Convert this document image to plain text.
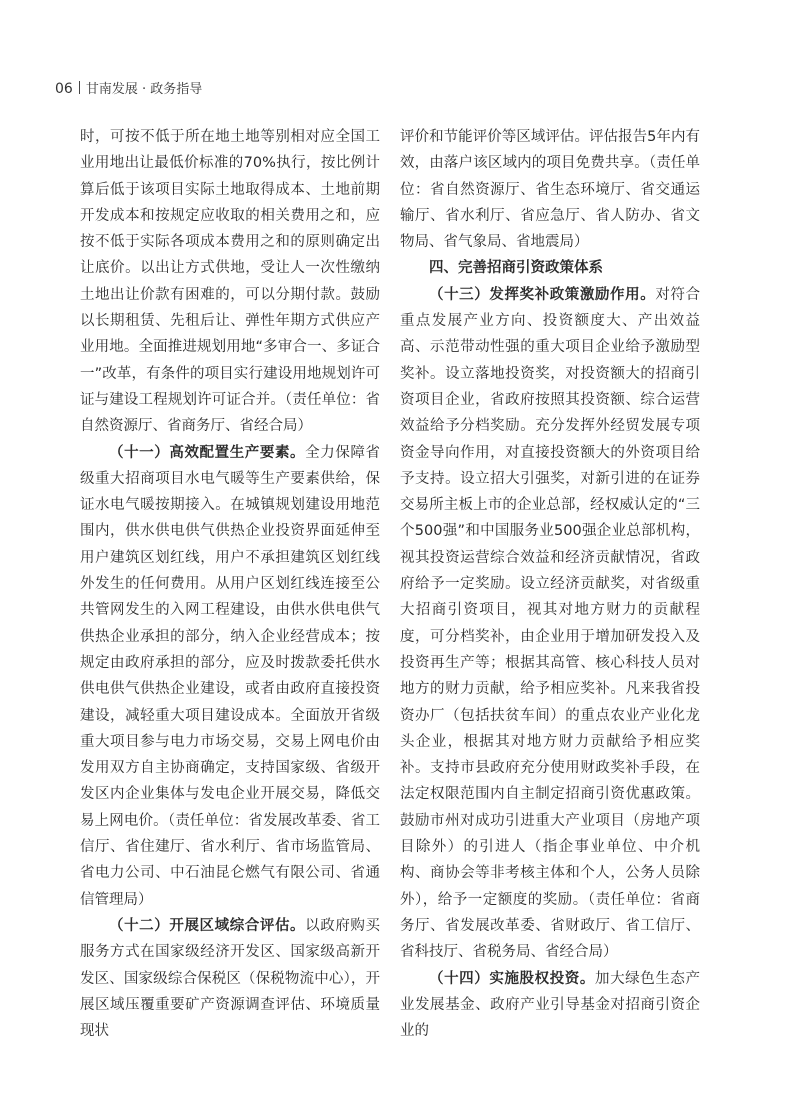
06 甘南发展 · 政务指导

时，可按不低于所在地土地等别相对应全国工业用地出让最低价标准的70%执行，按比例计算后低于该项目实际土地取得成本、土地前期开发成本和按规定应收取的相关费用之和，应按不低于实际各项成本费用之和的原则确定出让底价。以出让方式供地，受让人一次性缴纳土地出让价款有困难的，可以分期付款。鼓励以长期租赁、先租后让、弹性年期方式供应产业用地。全面推进规划用地“多审合一、多证合一”改革，有条件的项目实行建设用地规划许可证与建设工程规划许可证合并。（责任单位：省自然资源厅、省商务厅、省经合局）

（十一）高效配置生产要素。全力保障省级重大招商项目水电气暖等生产要素供给，保证水电气暖按期接入。在城镇规划建设用地范围内，供水供电供气供热企业投资界面延伸至用户建筑区划红线，用户不承担建筑区划红线外发生的任何费用。从用户区划红线连接至公共管网发生的入网工程建设，由供水供电供气供热企业承担的部分，纳入企业经营成本；按规定由政府承担的部分，应及时拨款委托供水供电供气供热企业建设，或者由政府直接投资建设，减轻重大项目建设成本。全面放开省级重大项目参与电力市场交易，交易上网电价由发用双方自主协商确定，支持国家级、省级开发区内企业集体与发电企业开展交易，降低交易上网电价。（责任单位：省发展改革委、省工信厅、省住建厅、省水利厅、省市场监管局、省电力公司、中石油昆仑燃气有限公司、省通信管理局）

（十二）开展区域综合评估。以政府购买服务方式在国家级经济开发区、国家级高新开发区、国家级综合保税区（保税物流中心），开展区域压覆重要矿产资源调查评估、环境质量现状

评价和节能评价等区域评估。评估报告5年内有效，由落户该区域内的项目免费共享。（责任单位：省自然资源厅、省生态环境厅、省交通运输厅、省水利厅、省应急厅、省人防办、省文物局、省气象局、省地震局）

四、完善招商引资政策体系

（十三）发挥奖补政策激励作用。对符合重点发展产业方向、投资额度大、产出效益高、示范带动性强的重大项目企业给予激励型奖补。设立落地投资奖，对投资额大的招商引资项目企业，省政府按照其投资额、综合运营效益给予分档奖励。充分发挥外经贸发展专项资金导向作用，对直接投资额大的外资项目给予支持。设立招大引强奖，对新引进的在证券交易所主板上市的企业总部，经权威认定的“三个500强”和中国服务业500强企业总部机构，视其投资运营综合效益和经济贡献情况，省政府给予一定奖励。设立经济贡献奖，对省级重大招商引资项目，视其对地方财力的贡献程度，可分档奖补，由企业用于增加研发投入及投资再生产等；根据其高管、核心科技人员对地方的财力贡献，给予相应奖补。凡来我省投资办厂（包括扶贫车间）的重点农业产业化龙头企业，根据其对地方财力贡献给予相应奖补。支持市县政府充分使用财政奖补手段，在法定权限范围内自主制定招商引资优惠政策。鼓励市州对成功引进重大产业项目（房地产项目除外）的引进人（指企事业单位、中介机构、商协会等非考核主体和个人，公务人员除外），给予一定额度的奖励。（责任单位：省商务厅、省发展改革委、省财政厅、省工信厅、省科技厅、省税务局、省经合局）

（十四）实施股权投资。加大绿色生态产业发展基金、政府产业引导基金对招商引资企业的
